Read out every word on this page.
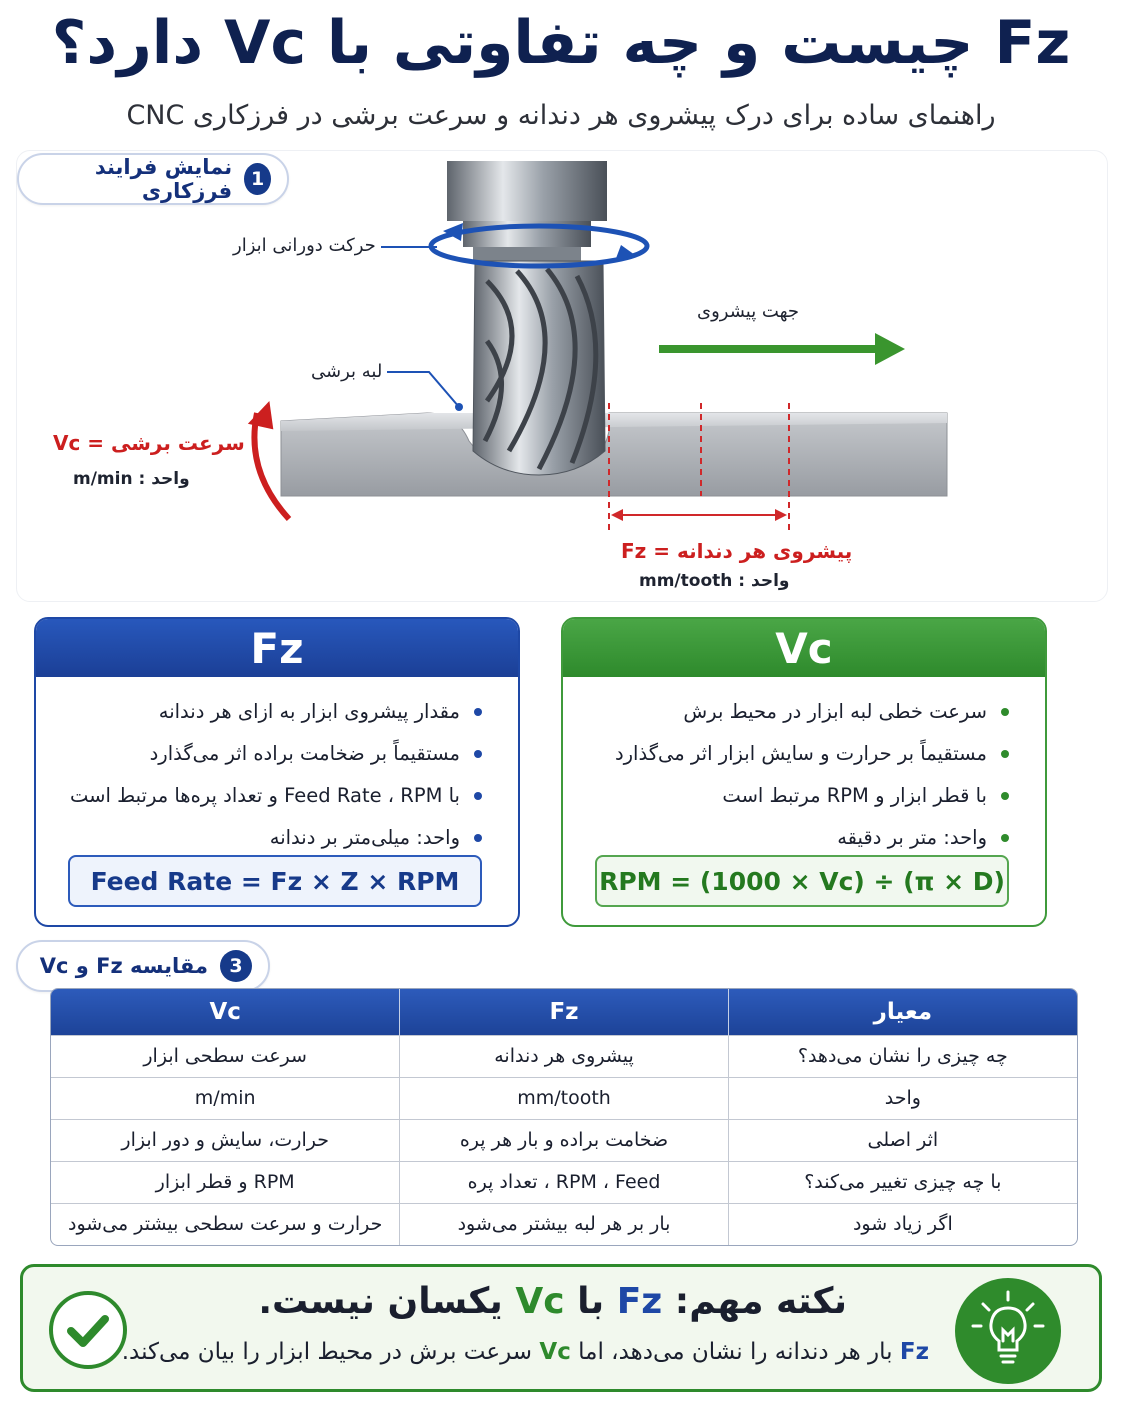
Fz چیست و چه تفاوتی با Vc دارد؟
راهنمای ساده برای درک پیشروی هر دندانه و سرعت برشی در فرزکاری CNC
1
نمایش فرایند فرزکاری
حرکت دورانی ابزار
جهت پیشروی
لبه برشی
سرعت برشی = Vc
واحد : m/min
پیشروی هر دندانه = Fz
واحد : mm/tooth
Fz
مقدار پیشروی ابزار به ازای هر دندانه
مستقیماً بر ضخامت براده اثر می‌گذارد
با Feed Rate ، RPM و تعداد پره‌ها مرتبط است
واحد: میلی‌متر بر دندانه
Feed Rate = Fz × Z × RPM
Vc
سرعت خطی لبه ابزار در محیط برش
مستقیماً بر حرارت و سایش ابزار اثر می‌گذارد
با قطر ابزار و RPM مرتبط است
واحد: متر بر دقیقه
RPM = (1000 × Vc) ÷ (π × D)
3
مقایسه Fz و Vc
معیار	Fz	Vc
چه چیزی را نشان می‌دهد؟	پیشروی هر دندانه	سرعت سطحی ابزار
واحد	mm/tooth	m/min
اثر اصلی	ضخامت براده و بار هر پره	حرارت، سایش و دور ابزار
با چه چیزی تغییر می‌کند؟	RPM ، Feed ، تعداد پره	RPM و قطر ابزار
اگر زیاد شود	بار بر هر لبه بیشتر می‌شود	حرارت و سرعت سطحی بیشتر می‌شود
نکته مهم: Fz با Vc یکسان نیست.
Fz بار هر دندانه را نشان می‌دهد، اما Vc سرعت برش در محیط ابزار را بیان می‌کند.
